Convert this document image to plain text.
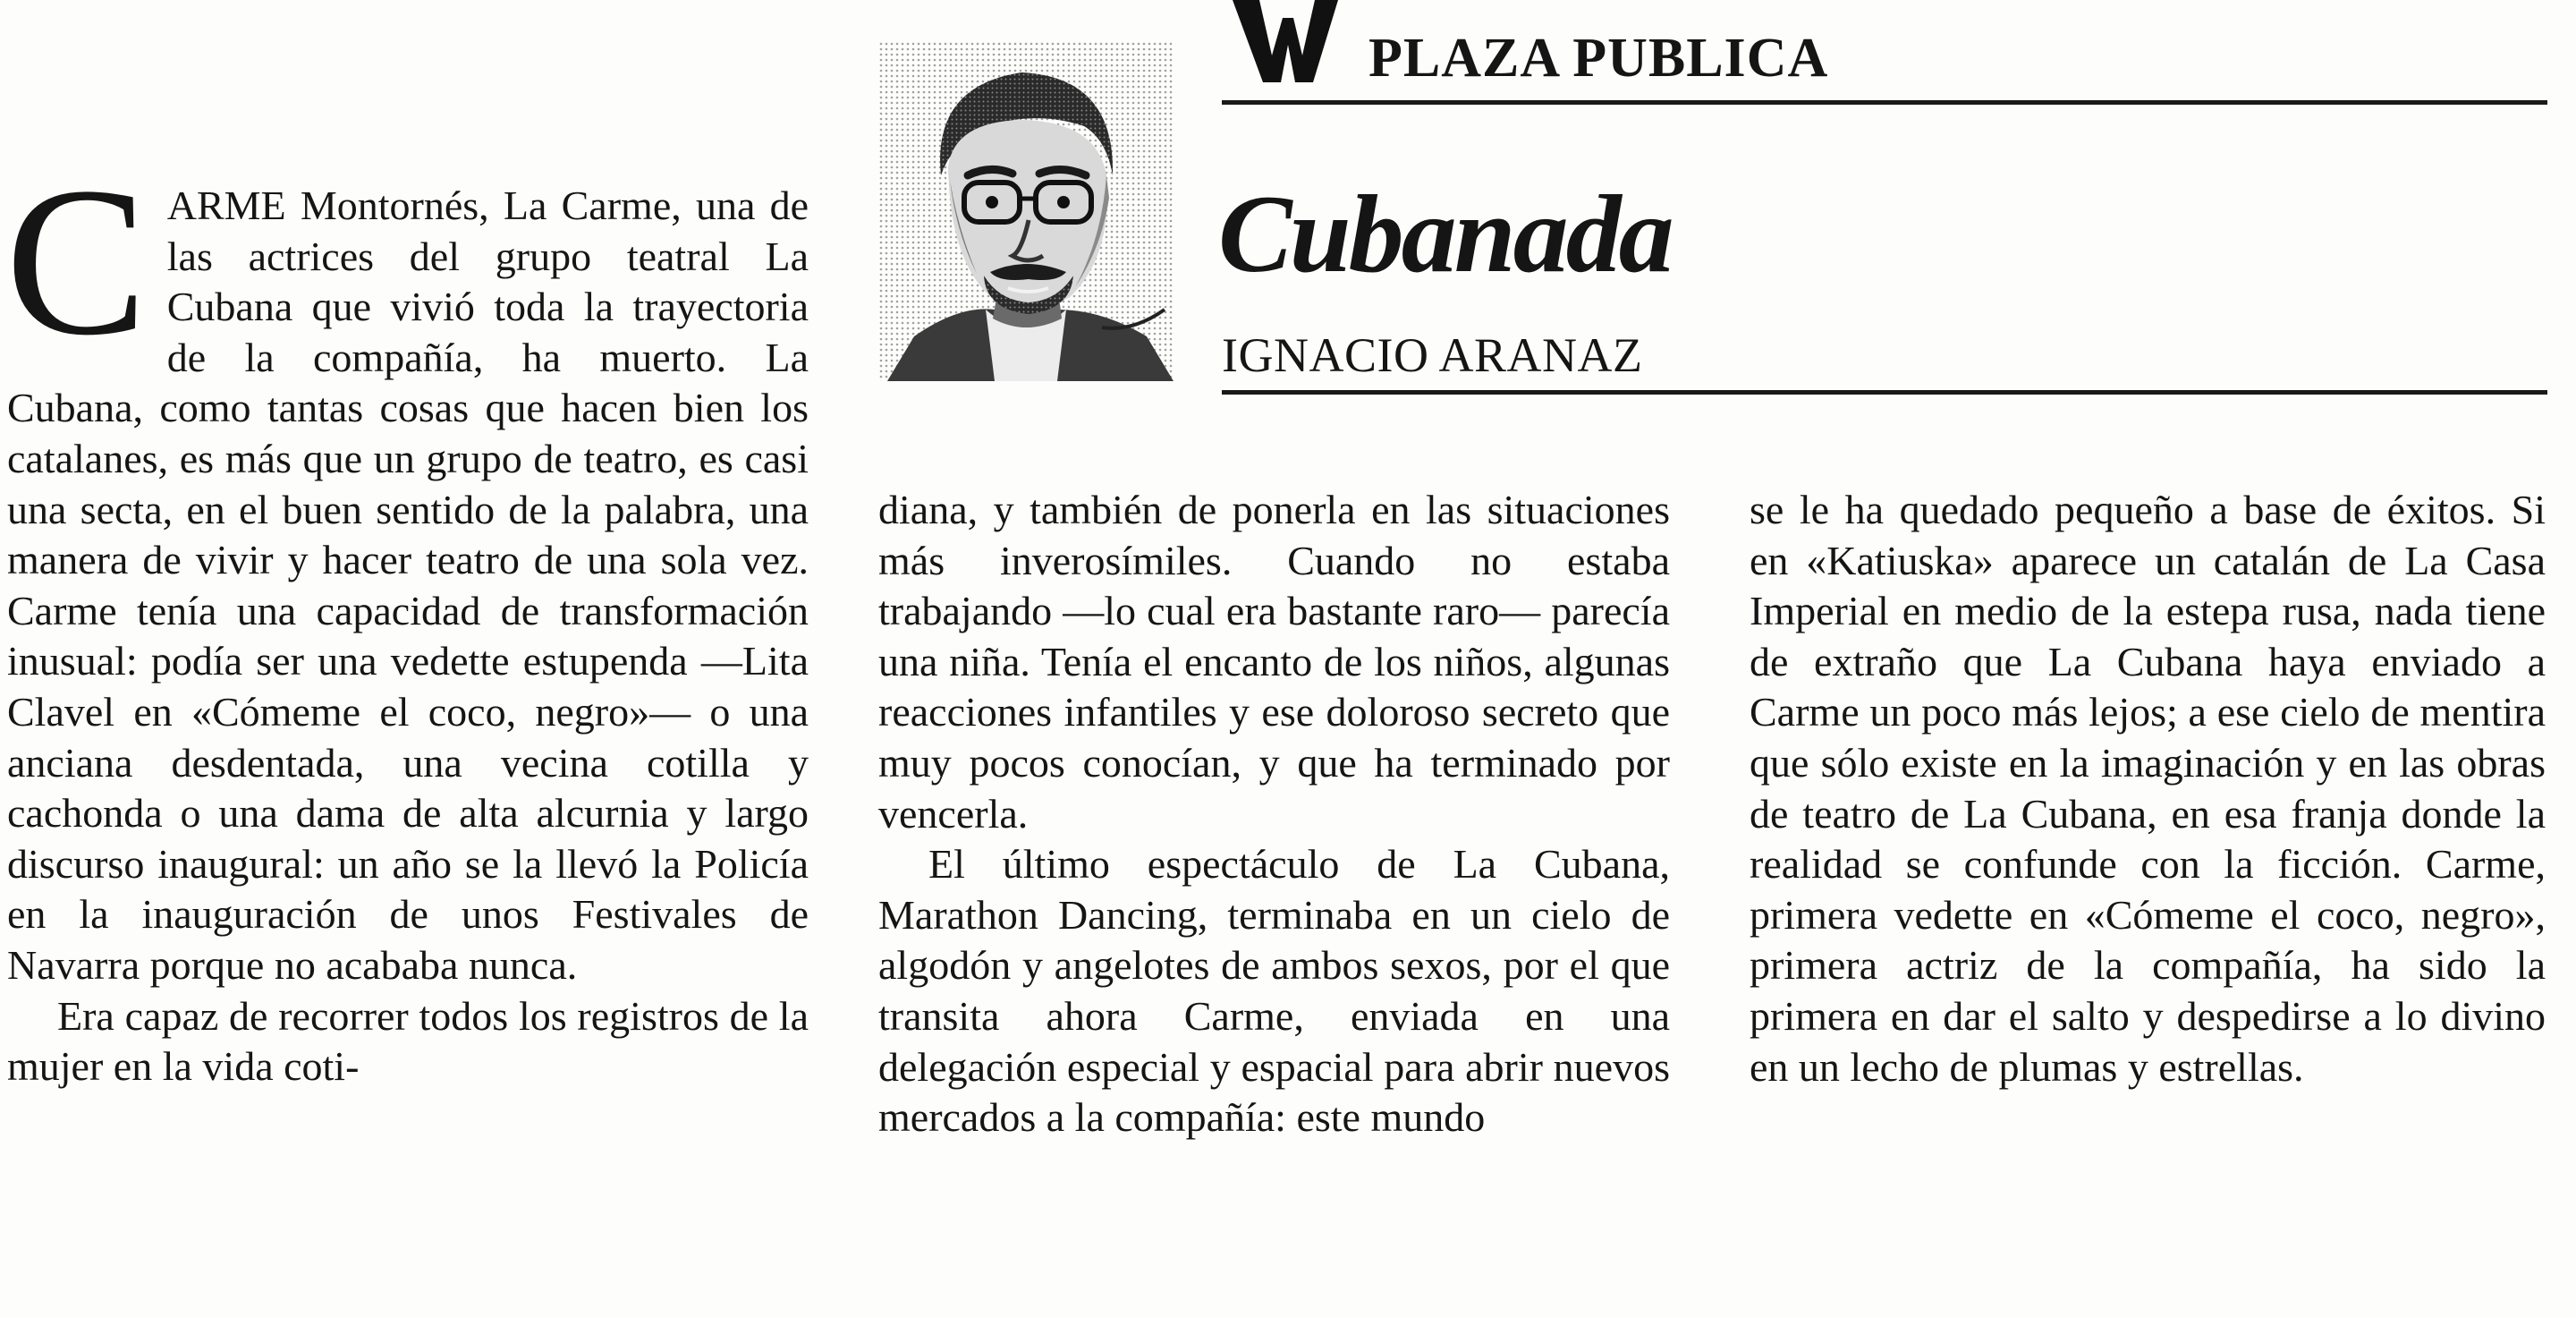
PLAZA PUBLICA
Cubanada
IGNACIO ARANAZ

CARME Montornés, La Carme, una de las actrices del grupo teatral La Cubana que vivió toda la trayectoria de la compañía, ha muerto. La Cubana, como tantas cosas que hacen bien los catalanes, es más que un grupo de teatro, es casi una secta, en el buen sentido de la palabra, una manera de vivir y hacer teatro de una sola vez. Carme tenía una capacidad de transformación inusual: podía ser una vedette estupenda —Lita Clavel en «Cómeme el coco, negro»— o una anciana desdentada, una vecina cotilla y cachonda o una dama de alta alcurnia y largo discurso inaugural: un año se la llevó la Policía en la inauguración de unos Festivales de Navarra porque no acababa nunca.

Era capaz de recorrer todos los registros de la mujer en la vida coti-

diana, y también de ponerla en las situaciones más inverosímiles. Cuando no estaba trabajando —lo cual era bastante raro— parecía una niña. Tenía el encanto de los niños, algunas reacciones infantiles y ese doloroso secreto que muy pocos conocían, y que ha terminado por vencerla.

El último espectáculo de La Cubana, Marathon Dancing, terminaba en un cielo de algodón y angelotes de ambos sexos, por el que transita ahora Carme, enviada en una delegación especial y espacial para abrir nuevos mercados a la compañía: este mundo

se le ha quedado pequeño a base de éxitos. Si en «Katiuska» aparece un catalán de La Casa Imperial en medio de la estepa rusa, nada tiene de extraño que La Cubana haya enviado a Carme un poco más lejos; a ese cielo de mentira que sólo existe en la imaginación y en las obras de teatro de La Cubana, en esa franja donde la realidad se confunde con la ficción. Carme, primera vedette en «Cómeme el coco, negro», primera actriz de la compañía, ha sido la primera en dar el salto y despedirse a lo divino en un lecho de plumas y estrellas.
